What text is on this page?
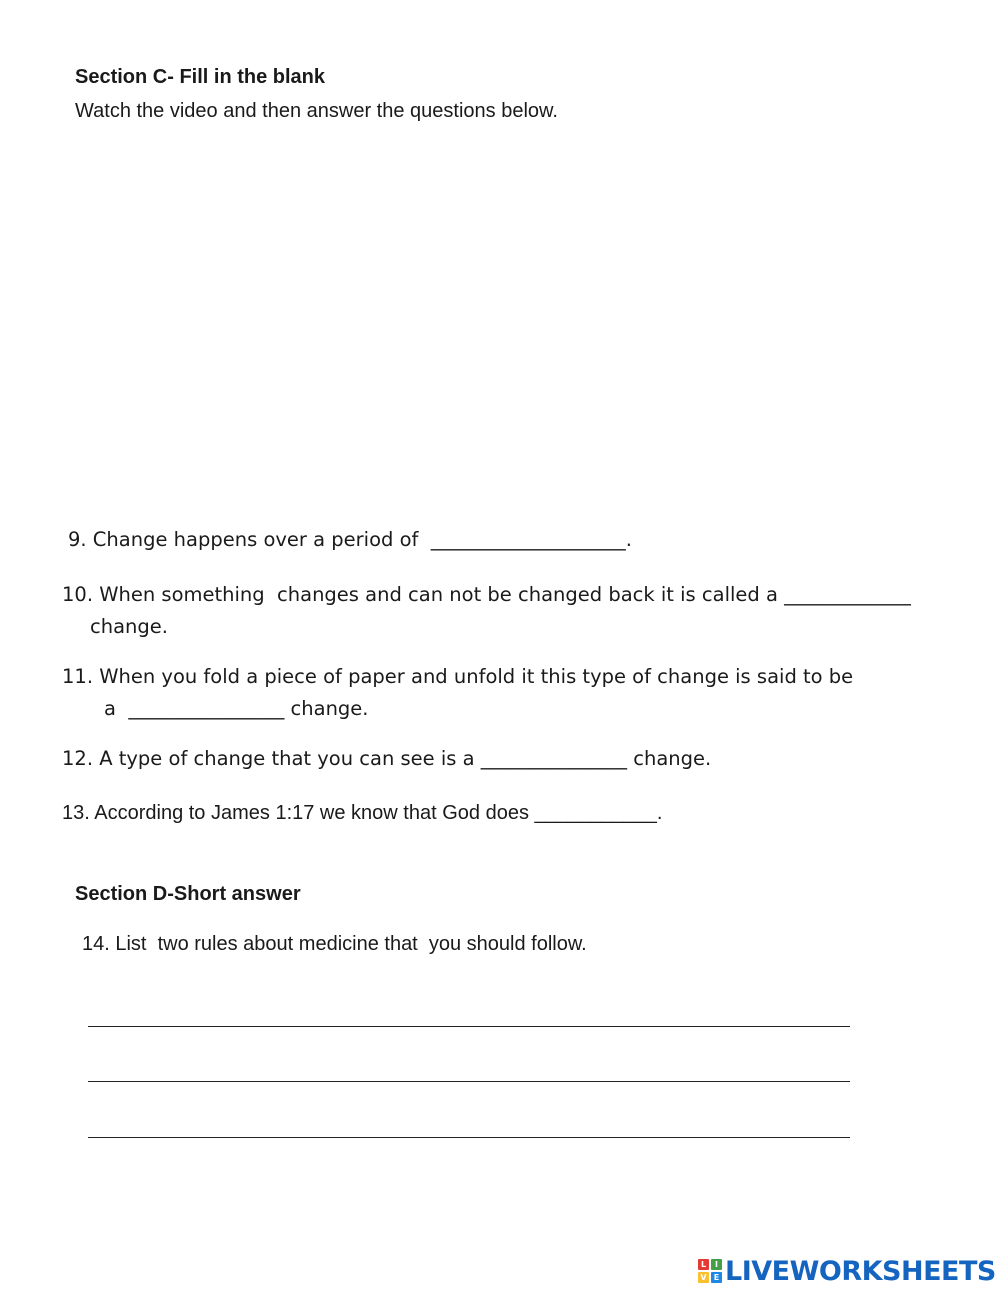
Section C- Fill in the blank
Watch the video and then answer the questions below.
9. Change happens over a period of  ____________________.
10. When something  changes and can not be changed back it is called a _____________
change.
11. When you fold a piece of paper and unfold it this type of change is said to be
a  ________________ change.
12. A type of change that you can see is a _______________ change.
13. According to James 1:17 we know that God does ___________.
Section D-Short answer
14. List  two rules about medicine that  you should follow.
L	I
V E LIVEWORKSHEETS
